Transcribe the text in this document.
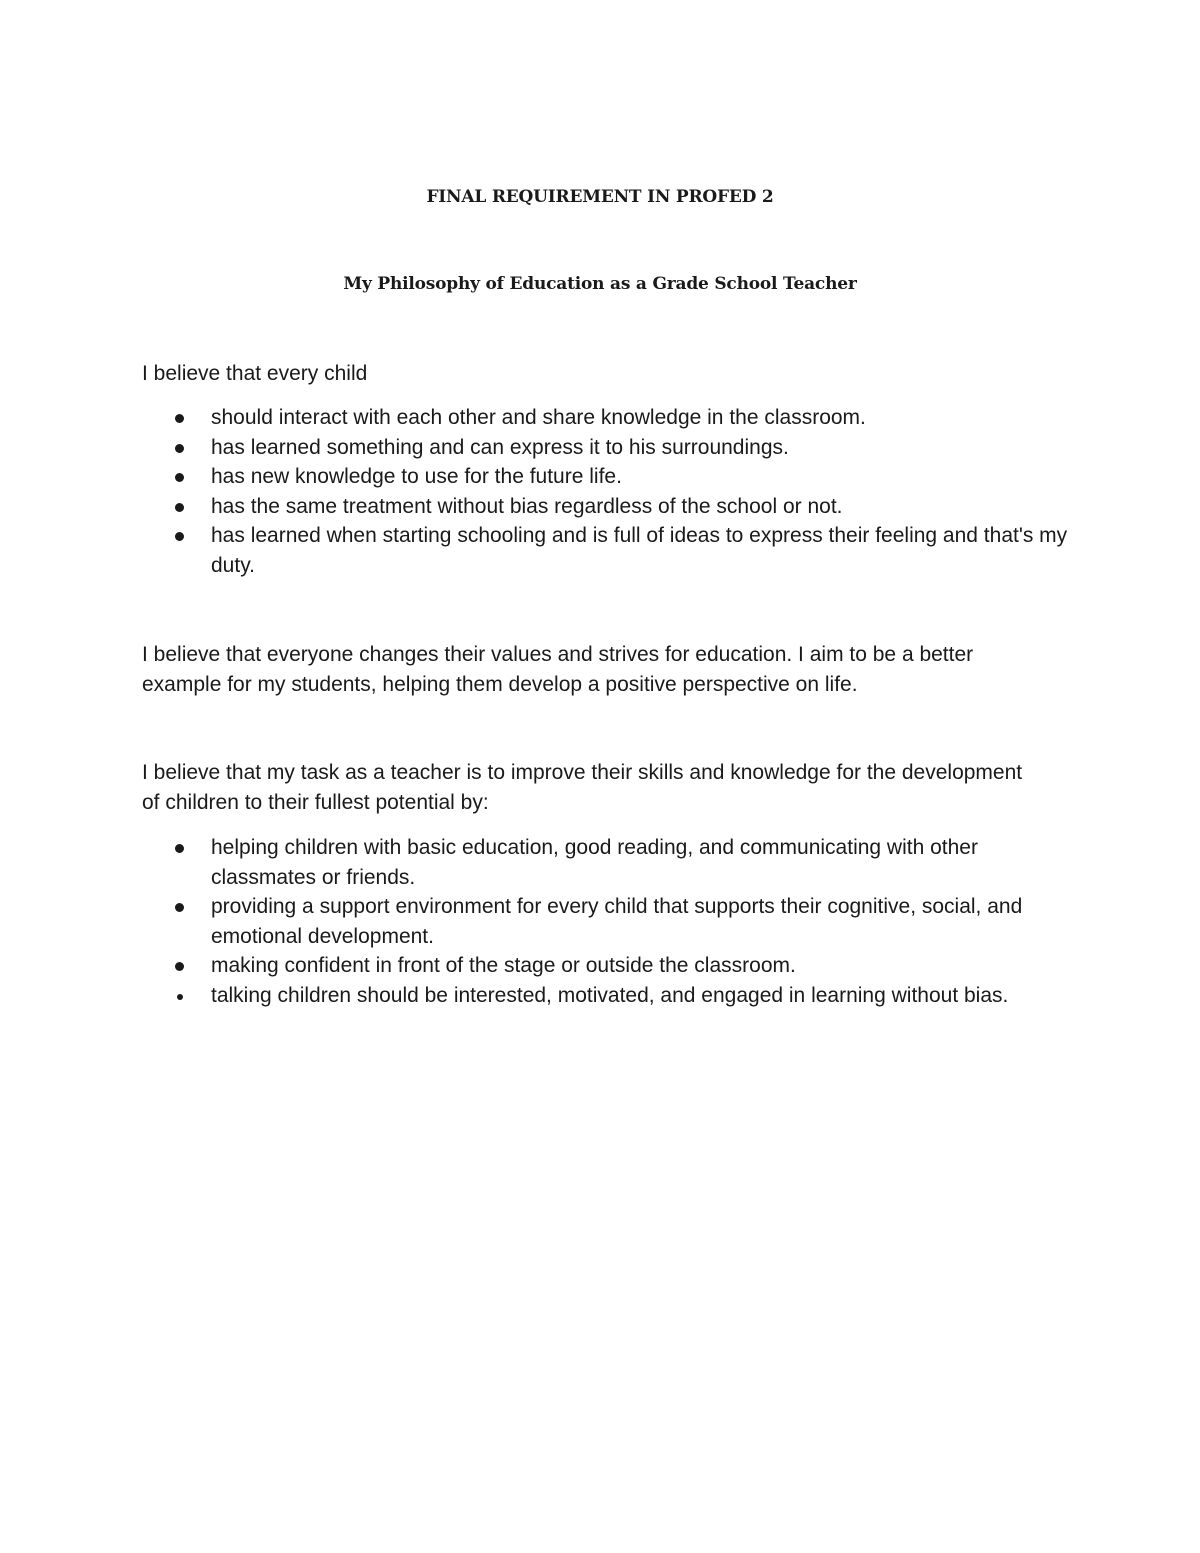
FINAL REQUIREMENT IN PROFED 2
My Philosophy of Education as a Grade School Teacher

I believe that every child

should interact with each other and share knowledge in the classroom.
has learned something and can express it to his surroundings.
has new knowledge to use for the future life.
has the same treatment without bias regardless of the school or not.
has learned when starting schooling and is full of ideas to express their feeling and that's my duty.

I believe that everyone changes their values and strives for education. I aim to be a better example for my students, helping them develop a positive perspective on life.

I believe that my task as a teacher is to improve their skills and knowledge for the development of children to their fullest potential by:

helping children with basic education, good reading, and communicating with other classmates or friends.
providing a support environment for every child that supports their cognitive, social, and emotional development.
making confident in front of the stage or outside the classroom.
talking children should be interested, motivated, and engaged in learning without bias.
